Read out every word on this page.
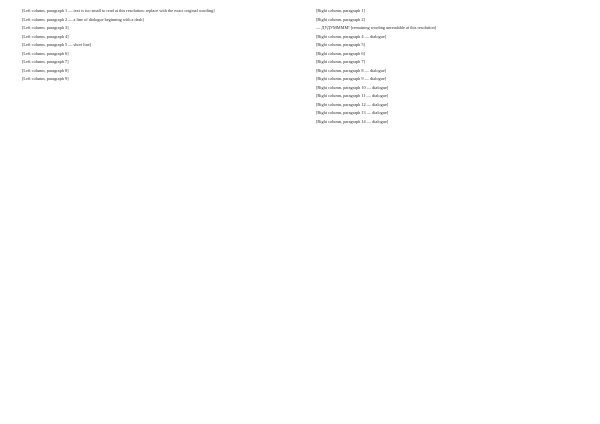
[Left column, paragraph 1 — text is too small to read at this resolution; replace with the exact original wording]

[Left column, paragraph 2 — a line of dialogue beginning with a dash]

[Left column, paragraph 3]

[Left column, paragraph 4]

[Left column, paragraph 5 — short line]

[Left column, paragraph 6]

[Left column, paragraph 7]

[Left column, paragraph 8]

[Left column, paragraph 9]

[Right column, paragraph 1]

[Right column, paragraph 2]

— ДУДУММММ! [remaining wording unreadable at this resolution]

[Right column, paragraph 4 — dialogue]

[Right column, paragraph 5]

[Right column, paragraph 6]

[Right column, paragraph 7]

[Right column, paragraph 8 — dialogue]

[Right column, paragraph 9 — dialogue]

[Right column, paragraph 10 — dialogue]

[Right column, paragraph 11 — dialogue]

[Right column, paragraph 12 — dialogue]

[Right column, paragraph 13 — dialogue]

[Right column, paragraph 14 — dialogue]
